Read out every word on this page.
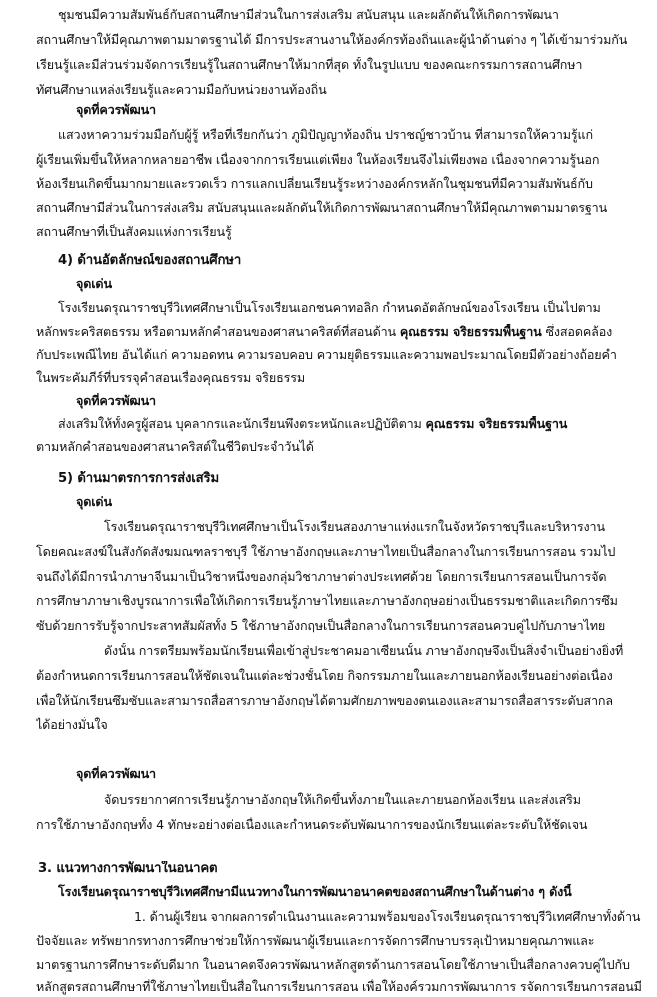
ชุมชนมีความสัมพันธ์กับสถานศึกษามีส่วนในการส่งเสริม สนับสนุน และผลักดันให้เกิดการพัฒนา
สถานศึกษาให้มีคุณภาพตามมาตรฐานได้ มีการประสานงานให้องค์กรท้องถิ่นและผู้นำด้านต่าง ๆ ได้เข้ามาร่วมกัน
เรียนรู้และมีส่วนร่วมจัดการเรียนรู้ในสถานศึกษาให้มากที่สุด ทั้งในรูปแบบ ของคณะกรรมการสถานศึกษา
ทัศนศึกษาแหล่งเรียนรู้และความมือกับหน่วยงานท้องถิ่น
จุดที่ควรพัฒนา
แสวงหาความร่วมมือกับผู้รู้ หรือที่เรียกกันว่า ภูมิปัญญาท้องถิ่น ปราชญ์ชาวบ้าน ที่สามารถให้ความรู้แก่
ผู้เรียนเพิ่มขึ้นให้หลากหลายอาชีพ เนื่องจากการเรียนแต่เพียง ในห้องเรียนจึงไม่เพียงพอ เนื่องจากความรู้นอก
ห้องเรียนเกิดขึ้นมากมายและรวดเร็ว การแลกเปลี่ยนเรียนรู้ระหว่างองค์กรหลักในชุมชนที่มีความสัมพันธ์กับ
สถานศึกษามีส่วนในการส่งเสริม สนับสนุนและผลักดันให้เกิดการพัฒนาสถานศึกษาให้มีคุณภาพตามมาตรฐาน
สถานศึกษาที่เป็นสังคมแห่งการเรียนรู้
4) ด้านอัตลักษณ์ของสถานศึกษา
จุดเด่น
โรงเรียนดรุณาราชบุรีวิเทศศึกษาเป็นโรงเรียนเอกชนคาทอลิก กำหนดอัตลักษณ์ของโรงเรียน เป็นไปตาม
หลักพระคริสตธรรม หรือตามหลักคำสอนของศาสนาคริสต์ที่สอนด้าน คุณธรรม จริยธรรมพื้นฐาน ซึ่งสอดคล้อง
กับประเพณีไทย อันได้แก่ ความอดทน ความรอบคอบ ความยุติธรรมและความพอประมาณโดยมีตัวอย่างถ้อยคำ
ในพระคัมภีร์ที่บรรจุคำสอนเรื่องคุณธรรม จริยธรรม
จุดที่ควรพัฒนา
ส่งเสริมให้ทั้งครูผู้สอน บุคลากรและนักเรียนพึงตระหนักและปฏิบัติตาม คุณธรรม จริยธรรมพื้นฐาน
ตามหลักคำสอนของศาสนาคริสต์ในชีวิตประจำวันได้
5) ด้านมาตรการการส่งเสริม
จุดเด่น
โรงเรียนดรุณาราชบุรีวิเทศศึกษาเป็นโรงเรียนสองภาษาแห่งแรกในจังหวัดราชบุรีและบริหารงาน
โดยคณะสงฆ์ในสังกัดสังฆมณฑลราชบุรี ใช้ภาษาอังกฤษและภาษาไทยเป็นสื่อกลางในการเรียนการสอน รวมไป
จนถึงได้มีการนำภาษาจีนมาเป็นวิชาหนึ่งของกลุ่มวิชาภาษาต่างประเทศด้วย โดยการเรียนการสอนเป็นการจัด
การศึกษาภาษาเชิงบูรณาการเพื่อให้เกิดการเรียนรู้ภาษาไทยและภาษาอังกฤษอย่างเป็นธรรมชาติและเกิดการซึม
ซับด้วยการรับรู้จากประสาทสัมผัสทั้ง 5 ใช้ภาษาอังกฤษเป็นสื่อกลางในการเรียนการสอนควบคู่ไปกับภาษาไทย
ดังนั้น การตรียมพร้อมนักเรียนเพื่อเข้าสู่ประชาคมอาเซียนนั้น ภาษาอังกฤษจึงเป็นสิ่งจำเป็นอย่างยิ่งที่
ต้องกำหนดการเรียนการสอนให้ชัดเจนในแต่ละช่วงชั้นโดย กิจกรรมภายในและภายนอกห้องเรียนอย่างต่อเนื่อง
เพื่อให้นักเรียนซึมซับและสามารถสื่อสารภาษาอังกฤษได้ตามศักยภาพของตนเองและสามารถสื่อสารระดับสากล
ได้อย่างมั่นใจ
จุดที่ควรพัฒนา
จัดบรรยากาศการเรียนรู้ภาษาอังกฤษให้เกิดขึ้นทั้งภายในและภายนอกห้องเรียน และส่งเสริม
การใช้ภาษาอังกฤษทั้ง 4 ทักษะอย่างต่อเนื่องและกำหนดระดับพัฒนาการของนักเรียนแต่ละระดับให้ชัดเจน
3. แนวทางการพัฒนาในอนาคต
โรงเรียนดรุณาราชบุรีวิเทศศึกษามีแนวทางในการพัฒนาอนาคตของสถานศึกษาในด้านต่าง ๆ ดังนี้
1. ด้านผู้เรียน จากผลการดำเนินงานและความพร้อมของโรงเรียนดรุณาราชบุรีวิเทศศึกษาทั้งด้าน
ปัจจัยและ ทรัพยากรทางการศึกษาช่วยให้การพัฒนาผู้เรียนและการจัดการศึกษาบรรลุเป้าหมายคุณภาพและ
มาตรฐานการศึกษาระดับดีมาก ในอนาคตจึงควรพัฒนาหลักสูตรด้านการสอนโดยใช้ภาษาเป็นสื่อกลางควบคู่ไปกับ
หลักสูตรสถานศึกษาที่ใช้ภาษาไทยเป็นสื่อในการเรียนการสอน เพื่อให้องค์รวมการพัฒนาการ รจัดการเรียนการสอนมี
